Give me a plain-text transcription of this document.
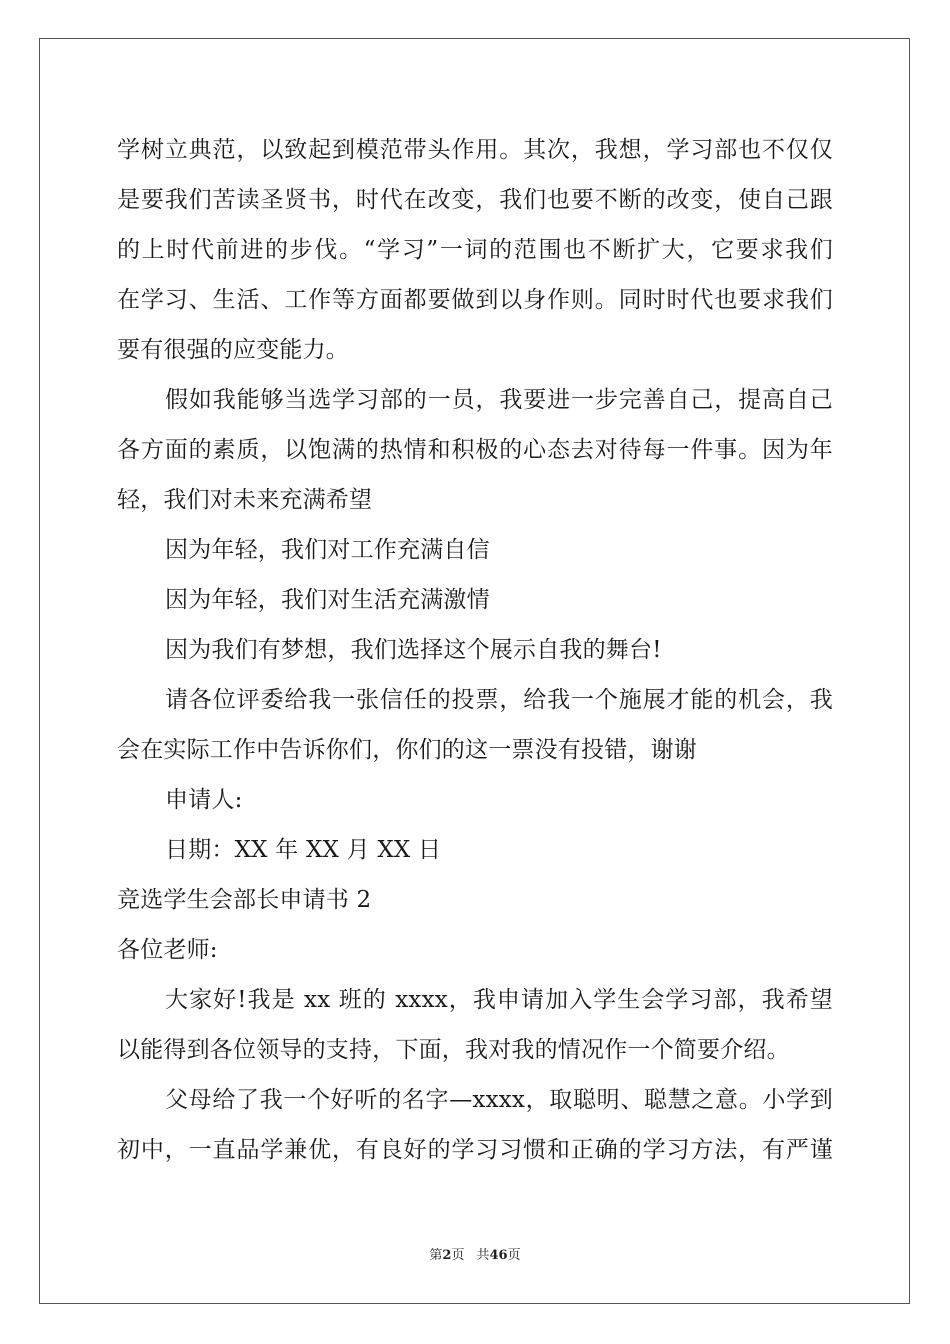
学树立典范，以致起到模范带头作用。其次，我想，学习部也不仅仅
是要我们苦读圣贤书，时代在改变，我们也要不断的改变，使自己跟
的上时代前进的步伐。“学习”一词的范围也不断扩大，它要求我们
在学习、生活、工作等方面都要做到以身作则。同时时代也要求我们
要有很强的应变能力。
假如我能够当选学习部的一员，我要进一步完善自己，提高自己
各方面的素质，以饱满的热情和积极的心态去对待每一件事。因为年
轻，我们对未来充满希望
因为年轻，我们对工作充满自信
因为年轻，我们对生活充满激情
因为我们有梦想，我们选择这个展示自我的舞台!
请各位评委给我一张信任的投票，给我一个施展才能的机会，我
会在实际工作中告诉你们，你们的这一票没有投错，谢谢
申请人:
日期：XX 年 XX 月 XX 日
竞选学生会部长申请书 2
各位老师:
大家好!我是 xx 班的 xxxx，我申请加入学生会学习部，我希望
以能得到各位领导的支持，下面，我对我的情况作一个简要介绍。
父母给了我一个好听的名字—xxxx，取聪明、聪慧之意。小学到
初中，一直品学兼优，有良好的学习习惯和正确的学习方法，有严谨
第2页 共46页
